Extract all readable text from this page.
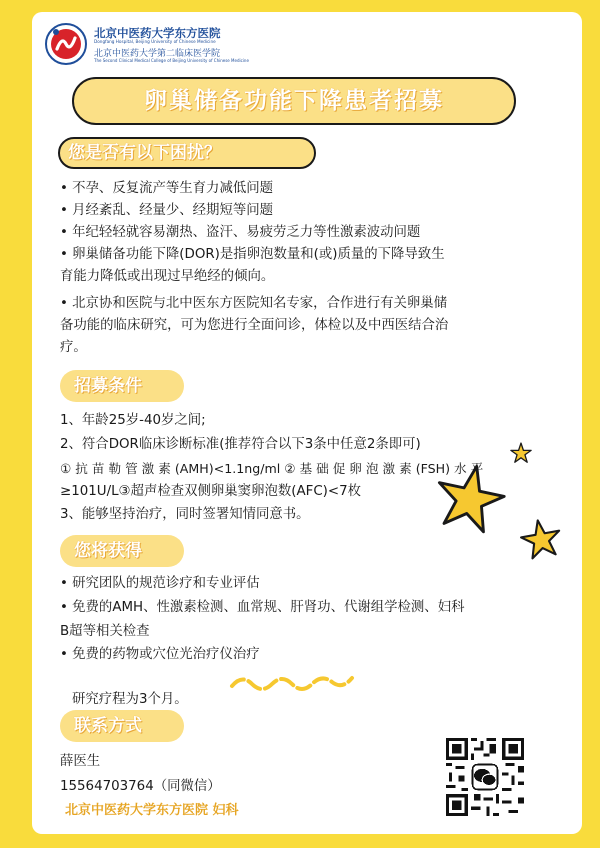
北京中医药大学东方医院
Dongfang Hospital, Beijing University of Chinese Medicine
北京中医药大学第二临床医学院
The Second Clinical Medical College of Beijing University of Chinese Medicine
卵巢储备功能下降患者招募
您是否有以下困扰？
• 不孕、反复流产等生育力减低问题
• 月经紊乱、经量少、经期短等问题
• 年纪轻轻就容易潮热、盗汗、易疲劳乏力等性激素波动问题
• 卵巢储备功能下降(DOR)是指卵泡数量和(或)质量的下降导致生
育能力降低或出现过早绝经的倾向。
• 北京协和医院与北中医东方医院知名专家，合作进行有关卵巢储
备功能的临床研究，可为您进行全面问诊，体检以及中西医结合治
疗。
招募条件
1、年龄25岁-40岁之间;
2、符合DOR临床诊断标准(推荐符合以下3条中任意2条即可)
① 抗 苗 勒 管 激 素 (AMH)<1.1ng/ml ② 基 础 促 卵 泡 激 素 (FSH) 水 平
≥101U/L③超声检查双侧卵巢窦卵泡数(AFC)<7枚
3、能够坚持治疗，同时签署知情同意书。
您将获得
• 研究团队的规范诊疗和专业评估
• 免费的AMH、性激素检测、血常规、肝肾功、代谢组学检测、妇科
B超等相关检查
• 免费的药物或穴位光治疗仪治疗
研究疗程为3个月。
联系方式
薛医生
15564703764（同微信）
北京中医药大学东方医院 妇科
